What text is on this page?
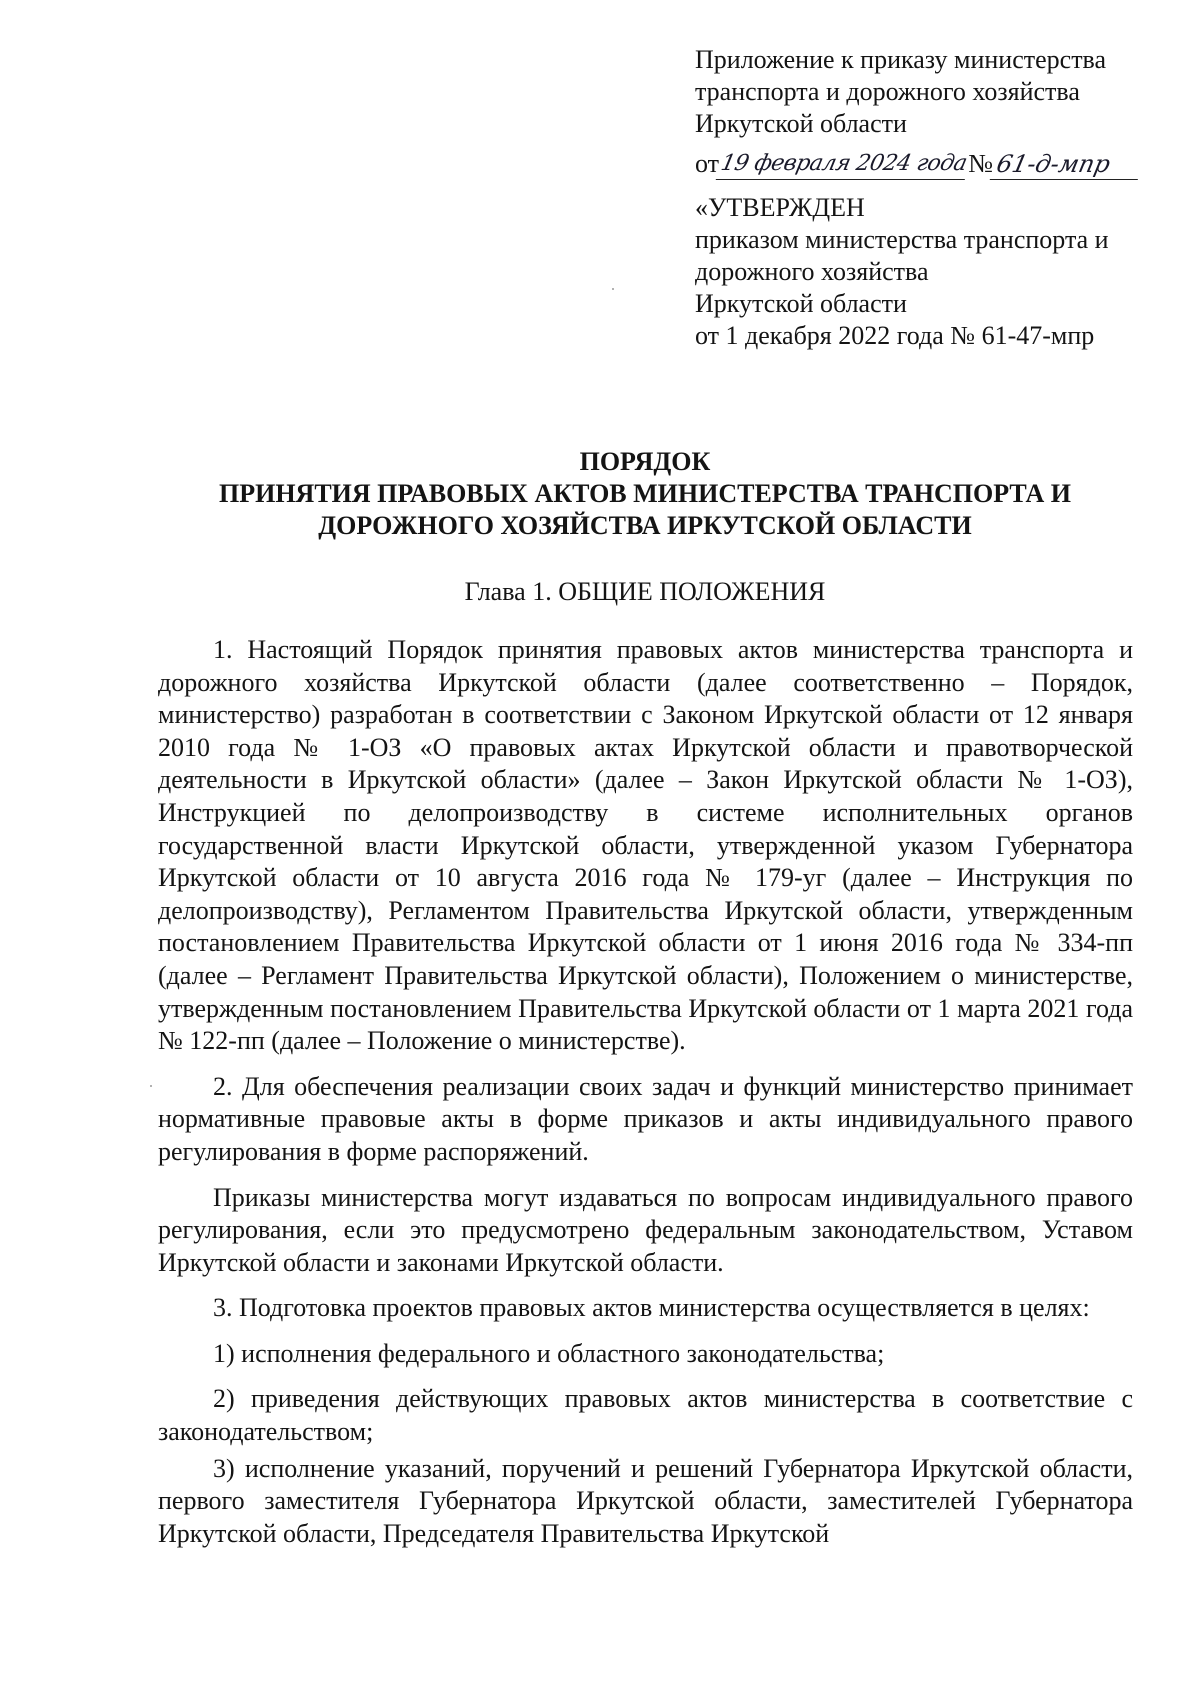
Приложение к приказу министерства
транспорта и дорожного хозяйства
Иркутской области
от 19 февраля 2024 года № 61-д-мпр
«УТВЕРЖДЕН
приказом министерства транспорта и
дорожного хозяйства
Иркутской области
от 1 декабря 2022 года № 61-47-мпр
ПОРЯДОК
ПРИНЯТИЯ ПРАВОВЫХ АКТОВ МИНИСТЕРСТВА ТРАНСПОРТА И
ДОРОЖНОГО ХОЗЯЙСТВА ИРКУТСКОЙ ОБЛАСТИ
Глава 1. ОБЩИЕ ПОЛОЖЕНИЯ

1. Настоящий Порядок принятия правовых актов министерства транспорта и дорожного хозяйства Иркутской области (далее соответственно – Порядок, министерство) разработан в соответствии с Законом Иркутской области от 12 января 2010 года № 1-ОЗ «О правовых актах Иркутской области и правотворческой деятельности в Иркутской области» (далее – Закон Иркутской области № 1-ОЗ), Инструкцией по делопроизводству в системе исполнительных органов государственной власти Иркутской области, утвержденной указом Губернатора Иркутской области от 10 августа 2016 года № 179-уг (далее – Инструкция по делопроизводству), Регламентом Правительства Иркутской области, утвержденным постановлением Правительства Иркутской области от 1 июня 2016 года № 334-пп (далее – Регламент Правительства Иркутской области), Положением о министерстве, утвержденным постановлением Правительства Иркутской области от 1 марта 2021 года № 122-пп (далее – Положение о министерстве).

2. Для обеспечения реализации своих задач и функций министерство принимает нормативные правовые акты в форме приказов и акты индивидуального правого регулирования в форме распоряжений.

Приказы министерства могут издаваться по вопросам индивидуального правого регулирования, если это предусмотрено федеральным законодательством, Уставом Иркутской области и законами Иркутской области.

3. Подготовка проектов правовых актов министерства осуществляется в целях:

1) исполнения федерального и областного законодательства;

2) приведения действующих правовых актов министерства в соответствие с законодательством;

3) исполнение указаний, поручений и решений Губернатора Иркутской области, первого заместителя Губернатора Иркутской области, заместителей Губернатора Иркутской области, Председателя Правительства Иркутской
